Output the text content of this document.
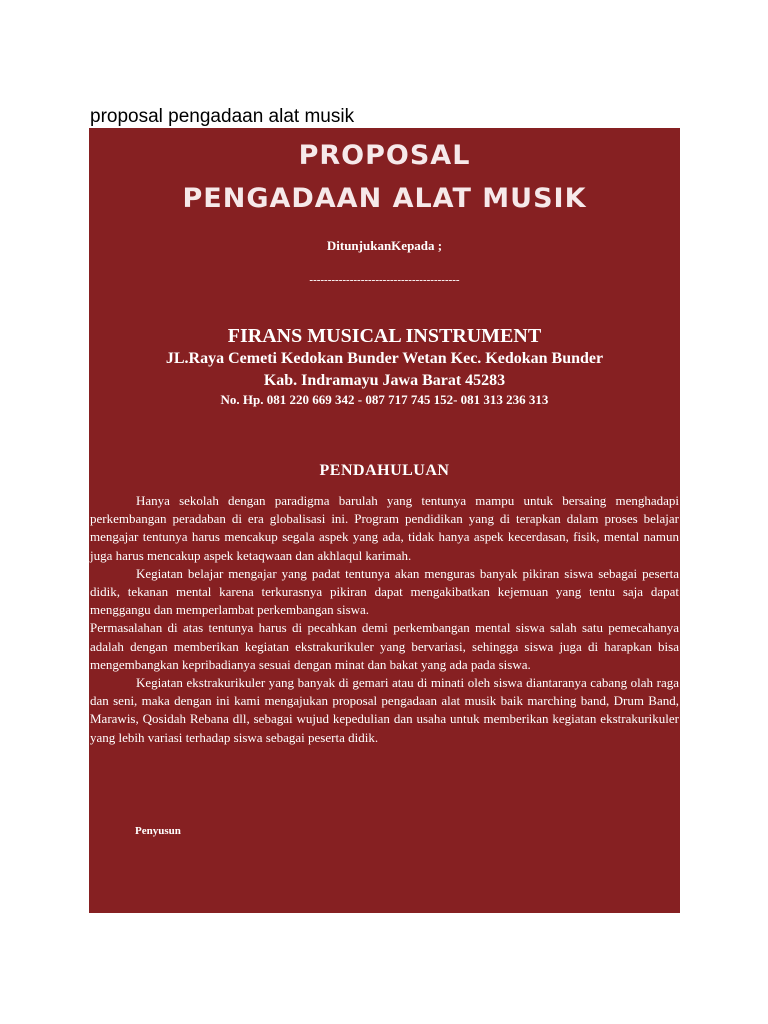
proposal pengadaan alat musik
PROPOSAL
PENGADAAN ALAT MUSIK
DitunjukanKepada ;
-----------------------------------------
FIRANS MUSICAL INSTRUMENT
JL.Raya Cemeti Kedokan Bunder Wetan Kec. Kedokan Bunder
Kab. Indramayu Jawa Barat 45283
No. Hp. 081 220 669 342 - 087 717 745 152- 081 313 236 313
PENDAHULUAN

Hanya sekolah dengan paradigma barulah yang tentunya mampu untuk bersaing menghadapi perkembangan peradaban di era globalisasi ini. Program pendidikan yang di terapkan dalam proses belajar mengajar tentunya harus mencakup segala aspek yang ada, tidak hanya aspek kecerdasan, fisik, mental namun juga harus mencakup aspek ketaqwaan dan akhlaqul karimah.

Kegiatan belajar mengajar yang padat tentunya akan menguras banyak pikiran siswa sebagai peserta didik, tekanan mental karena terkurasnya pikiran dapat mengakibatkan kejemuan yang tentu saja dapat menggangu dan memperlambat perkembangan siswa.

Permasalahan di atas tentunya harus di pecahkan demi perkembangan mental siswa salah satu pemecahanya adalah dengan memberikan kegiatan ekstrakurikuler yang bervariasi, sehingga siswa juga di harapkan bisa mengembangkan kepribadianya sesuai dengan minat dan bakat yang ada pada siswa.

Kegiatan ekstrakurikuler yang banyak di gemari atau di minati oleh siswa diantaranya cabang olah raga dan seni, maka dengan ini kami mengajukan proposal pengadaan alat musik baik marching band, Drum Band, Marawis, Qosidah Rebana dll, sebagai wujud kepedulian dan usaha untuk memberikan kegiatan ekstrakurikuler yang lebih variasi terhadap siswa sebagai peserta didik.

Penyusun
